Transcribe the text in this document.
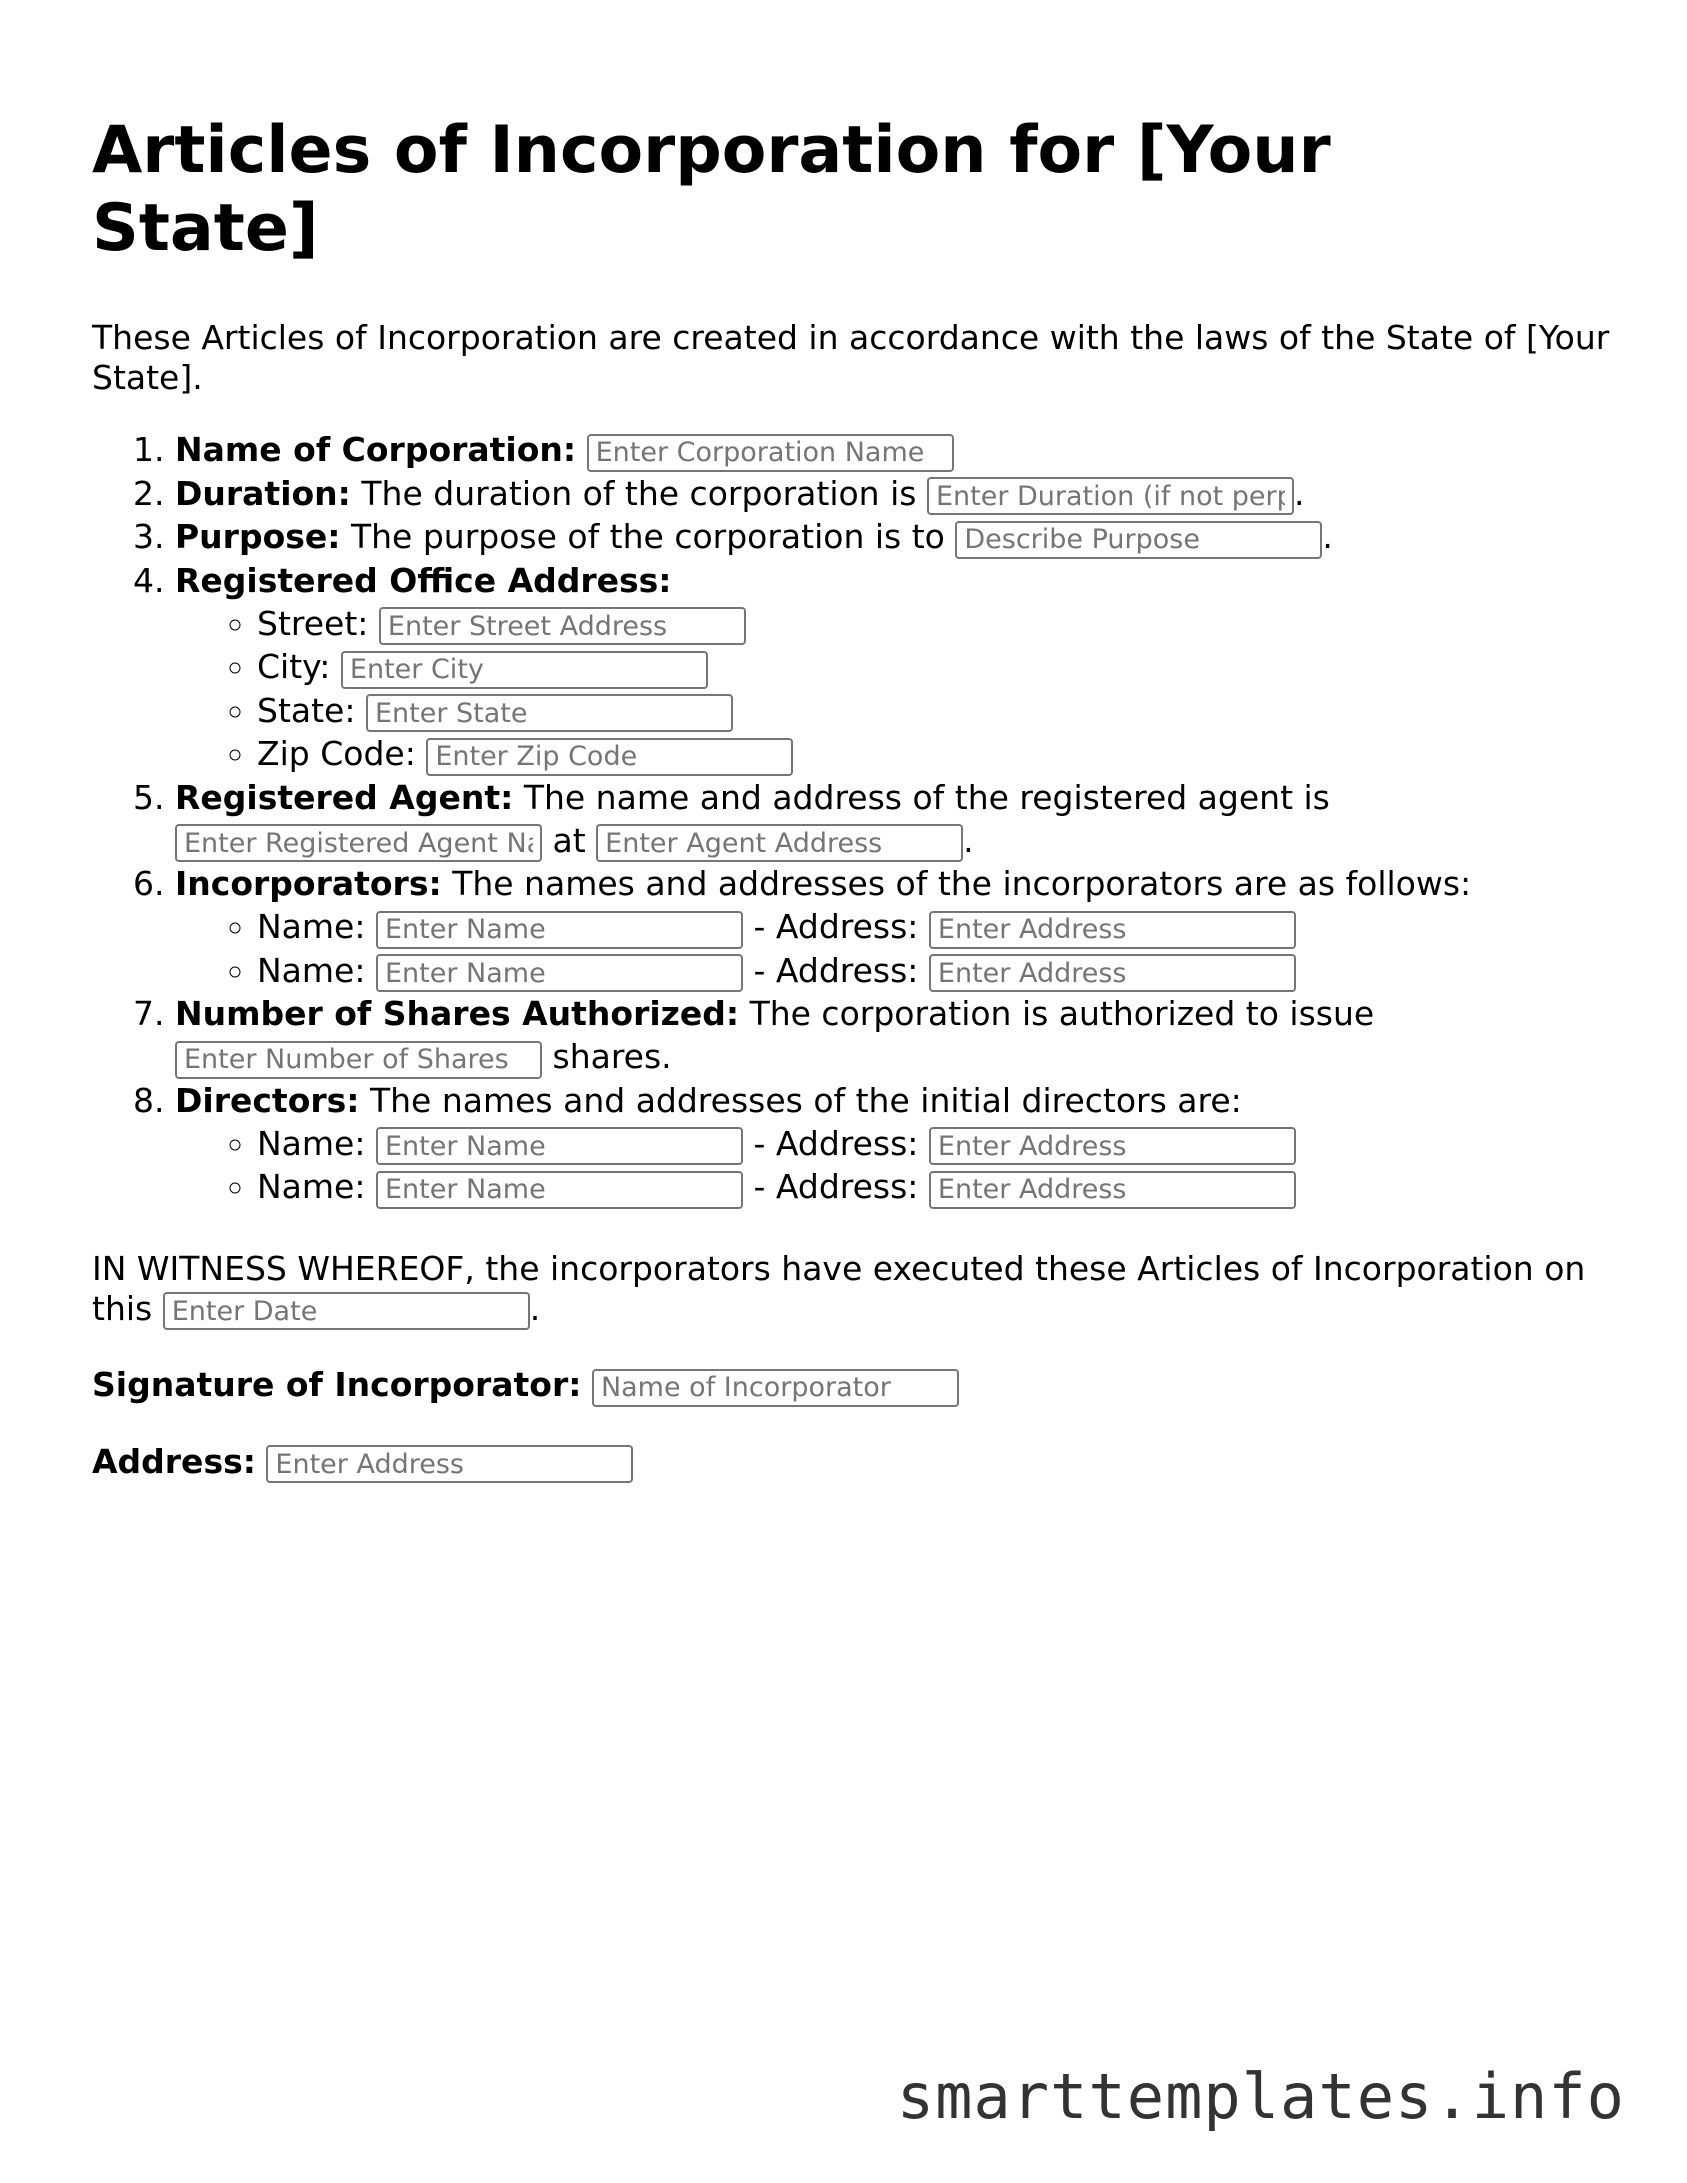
Articles of Incorporation for [Your State]

These Articles of Incorporation are created in accordance with the laws of the State of [Your State].

1. Name of Corporation: Enter Corporation Name
2. Duration: The duration of the corporation is Enter Duration (if not perpetual)	.
3. Purpose: The purpose of the corporation is to Describe Purpose	.
4. Registered Office Address:
◦ Street: Enter Street Address
◦ City: Enter City
◦ State: Enter State
◦ Zip Code: Enter Zip Code
5. Registered Agent: The name and address of the registered agent is Enter Registered Agent Name at Enter Agent Address	.
6. Incorporators: The names and addresses of the incorporators are as follows:
◦ Name: Enter Name	- Address: Enter Address
◦ Name: Enter Name	- Address: Enter Address
7. Number of Shares Authorized: The corporation is authorized to issue Enter Number of Shares shares.
8. Directors: The names and addresses of the initial directors are:
◦ Name: Enter Name	- Address: Enter Address
◦ Name: Enter Name	- Address: Enter Address

IN WITNESS WHEREOF, the incorporators have executed these Articles of Incorporation on this Enter Date	.

Signature of Incorporator: Name of Incorporator

Address: Enter Address

smarttemplates.info
